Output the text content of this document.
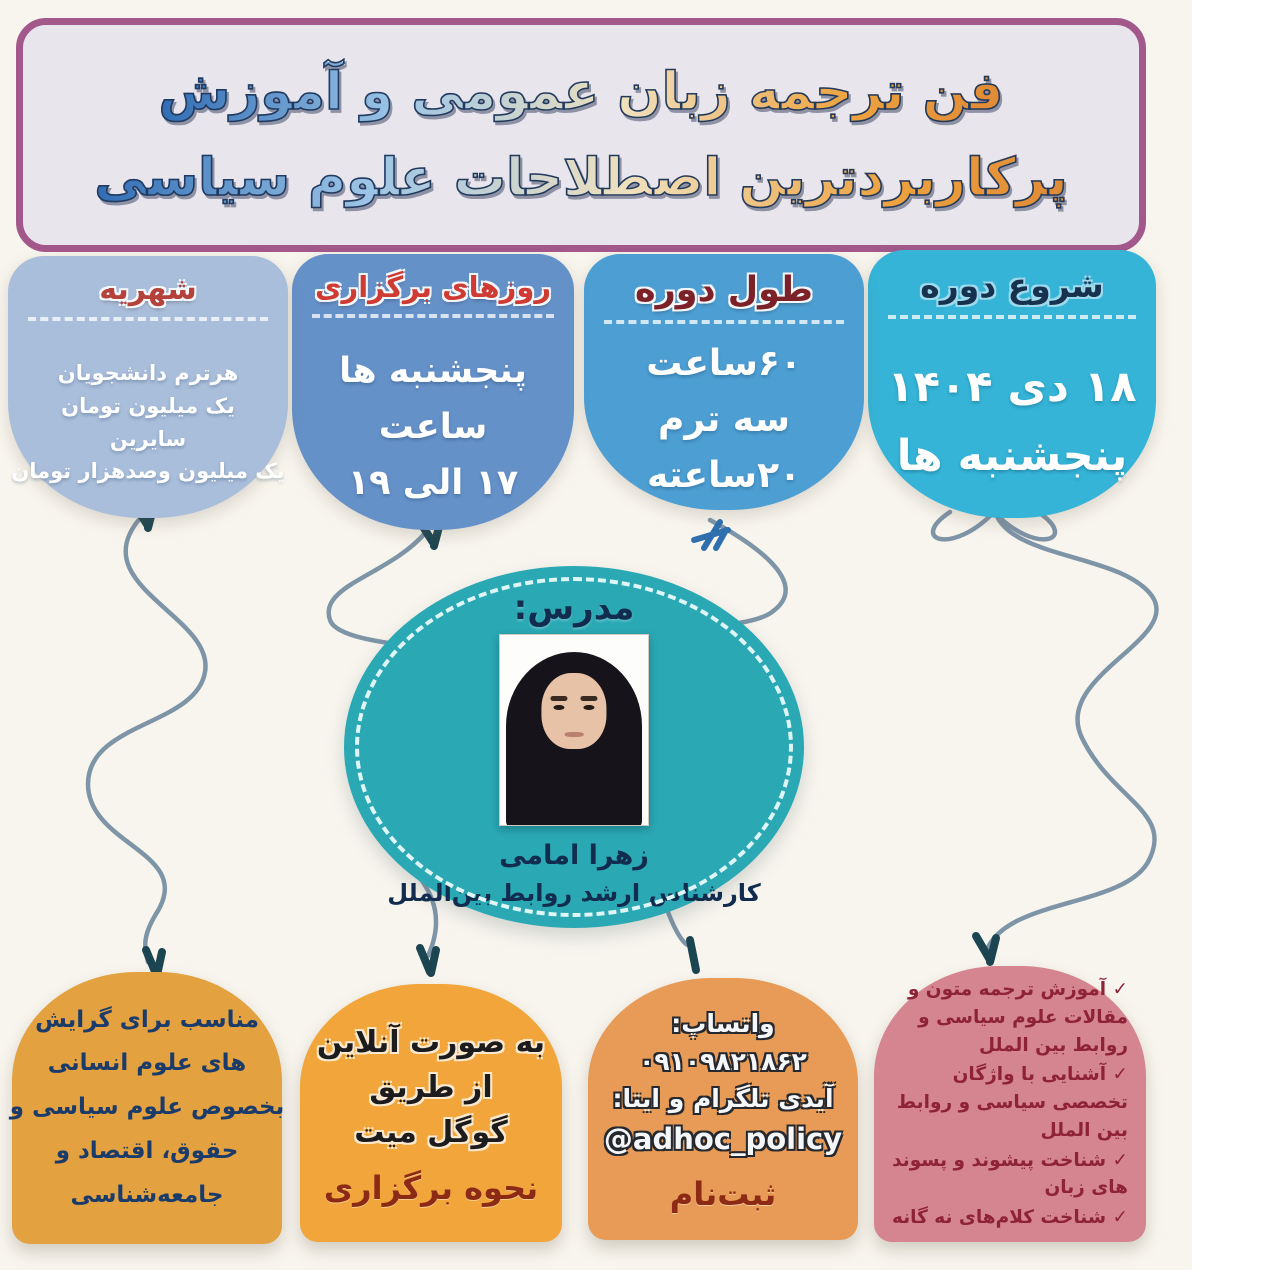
فن ترجمه زبان عمومی و آموزش
پرکاربردترین اصطلاحات علوم سیاسی
شروع دوره
۱۸ دی ۱۴۰۴
پنجشنبه ها
طول دوره
۶۰ساعت
سه ترم
۲۰ساعته
روزهای برگزاری
پنجشنبه ها
ساعت
۱۷ الی ۱۹
شهریه
هرترم دانشجویان
یک میلیون تومان
سایرین
یک میلیون وصدهزار تومان
مدرس:
زهرا امامی
کارشناس ارشد روابط بین‌الملل
مناسب برای گرایش
های علوم انسانی
بخصوص علوم سیاسی و
حقوق، اقتصاد و
جامعه‌شناسی
به صورت آنلاین
از طریق
گوگل میت
نحوه برگزاری
واتساپ:
۰۹۱۰۹۸۲۱۸۶۲
آیدی تلگرام و ایتا:
@adhoc_policy
ثبت‌نام
✓ آموزش ترجمه متون و مقالات علوم سیاسی و روابط بین الملل
✓ آشنایی با واژگان تخصصی سیاسی و روابط بین الملل
✓ شناخت پیشوند و پسوند های زبان
✓ شناخت کلام‌های نه گانه
